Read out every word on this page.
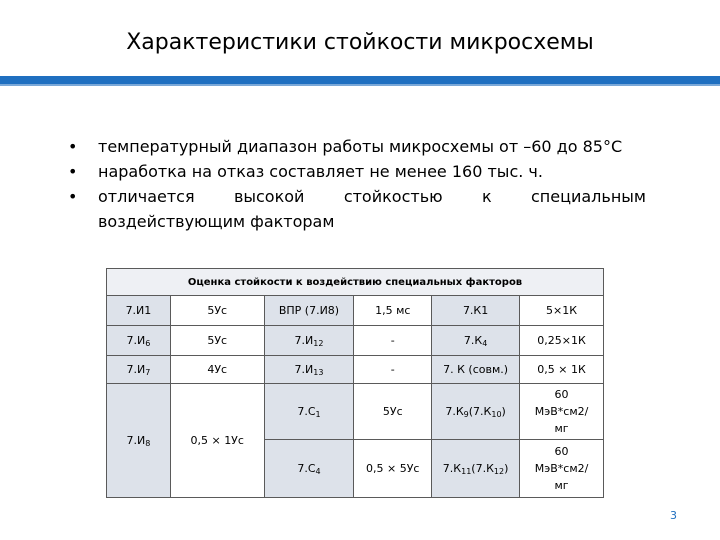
Характеристики стойкости микросхемы
• температурный диапазон работы микросхемы от –60 до 85°С
• наработка на отказ составляет не менее 160 тыс. ч.
• отличается высокой стойкостью к специальным воздействующим факторам
Оценка стойкости к воздействию специальных факторов					
7.И1	5Ус	ВПР (7.И8)	1,5 мс	7.К1	5×1К
$7.И_6$	5Ус	$7.И_{12}$	-	$7.К_4$	0,25×1К
$7.И_7$	4Ус	$7.И_{13}$	-	7. К (совм.)	0,5 × 1К
$7.И_8$	0,5 × 1Ус	$7.С_1$	5Ус	$7.К_9(7.К_{10})$	60
МэВ*см2/
мг
		$7.С_4$	0,5 × 5Ус	$7.К_{11}(7.К_{12})$	60
МэВ*см2/
мг
3
